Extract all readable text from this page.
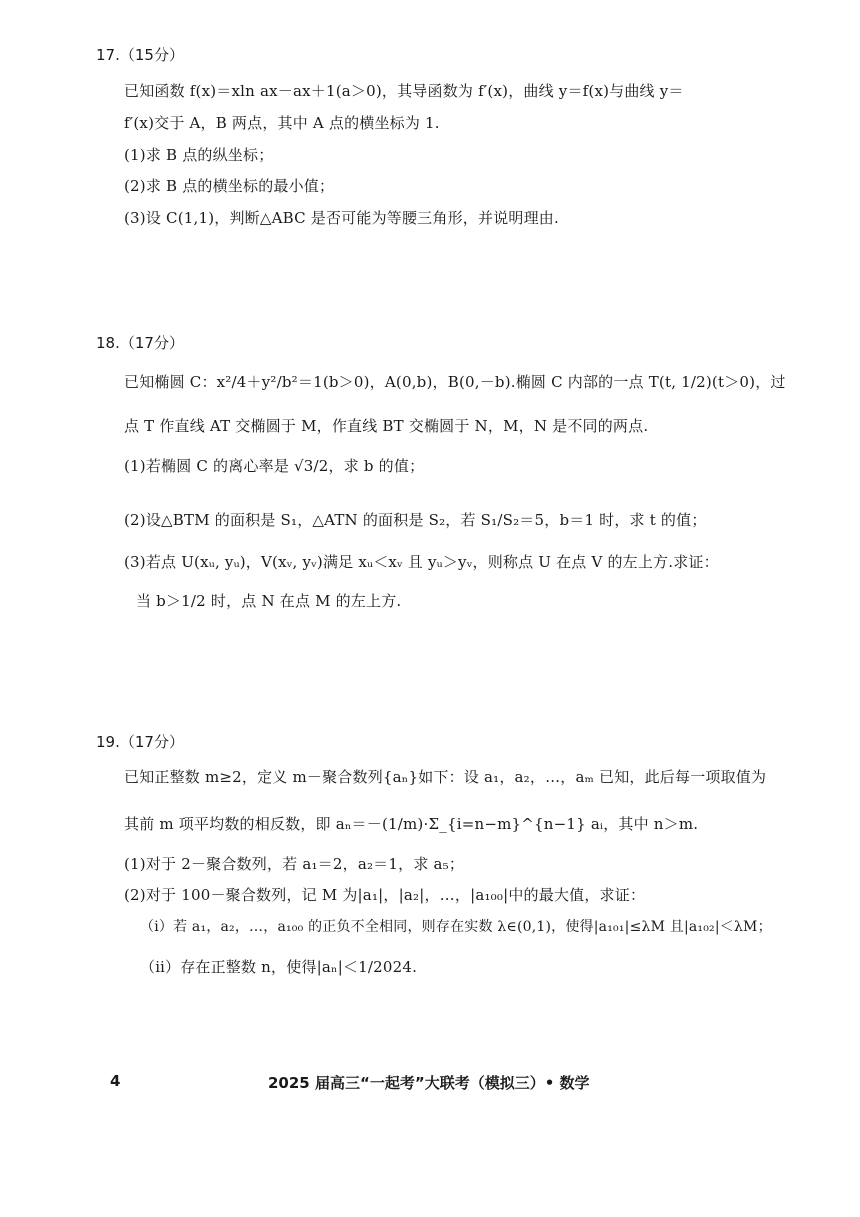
17.（15分）
已知函数 f(x)＝xln ax－ax＋1(a＞0)，其导函数为 f′(x)，曲线 y＝f(x)与曲线 y＝
f′(x)交于 A，B 两点，其中 A 点的横坐标为 1.
(1)求 B 点的纵坐标；
(2)求 B 点的横坐标的最小值；
(3)设 C(1,1)，判断△ABC 是否可能为等腰三角形，并说明理由.
18.（17分）
已知椭圆 C：x²/4＋y²/b²＝1(b＞0)，A(0,b)，B(0,－b).椭圆 C 内部的一点 T(t, 1/2)(t＞0)，过
点 T 作直线 AT 交椭圆于 M，作直线 BT 交椭圆于 N，M，N 是不同的两点.
(1)若椭圆 C 的离心率是 √3/2，求 b 的值；
(2)设△BTM 的面积是 S₁，△ATN 的面积是 S₂，若 S₁/S₂＝5，b＝1 时，求 t 的值；
(3)若点 U(xᵤ, yᵤ)，V(xᵥ, yᵥ)满足 xᵤ＜xᵥ 且 yᵤ＞yᵥ，则称点 U 在点 V 的左上方.求证：
当 b＞1/2 时，点 N 在点 M 的左上方.
19.（17分）
已知正整数 m≥2，定义 m－聚合数列{aₙ}如下：设 a₁，a₂，…，aₘ 已知，此后每一项取值为
其前 m 项平均数的相反数，即 aₙ＝－(1/m)·Σ_{i=n−m}^{n−1} aᵢ，其中 n＞m.
(1)对于 2－聚合数列，若 a₁＝2，a₂＝1，求 a₅；
(2)对于 100－聚合数列，记 M 为|a₁|，|a₂|，…，|a₁₀₀|中的最大值，求证：
（ⅰ）若 a₁，a₂，…，a₁₀₀ 的正负不全相同，则存在实数 λ∈(0,1)，使得|a₁₀₁|≤λM 且|a₁₀₂|＜λM；
（ⅱ）存在正整数 n，使得|aₙ|＜1/2024.
4	2025 届高三“一起考”大联考（模拟三）• 数学
